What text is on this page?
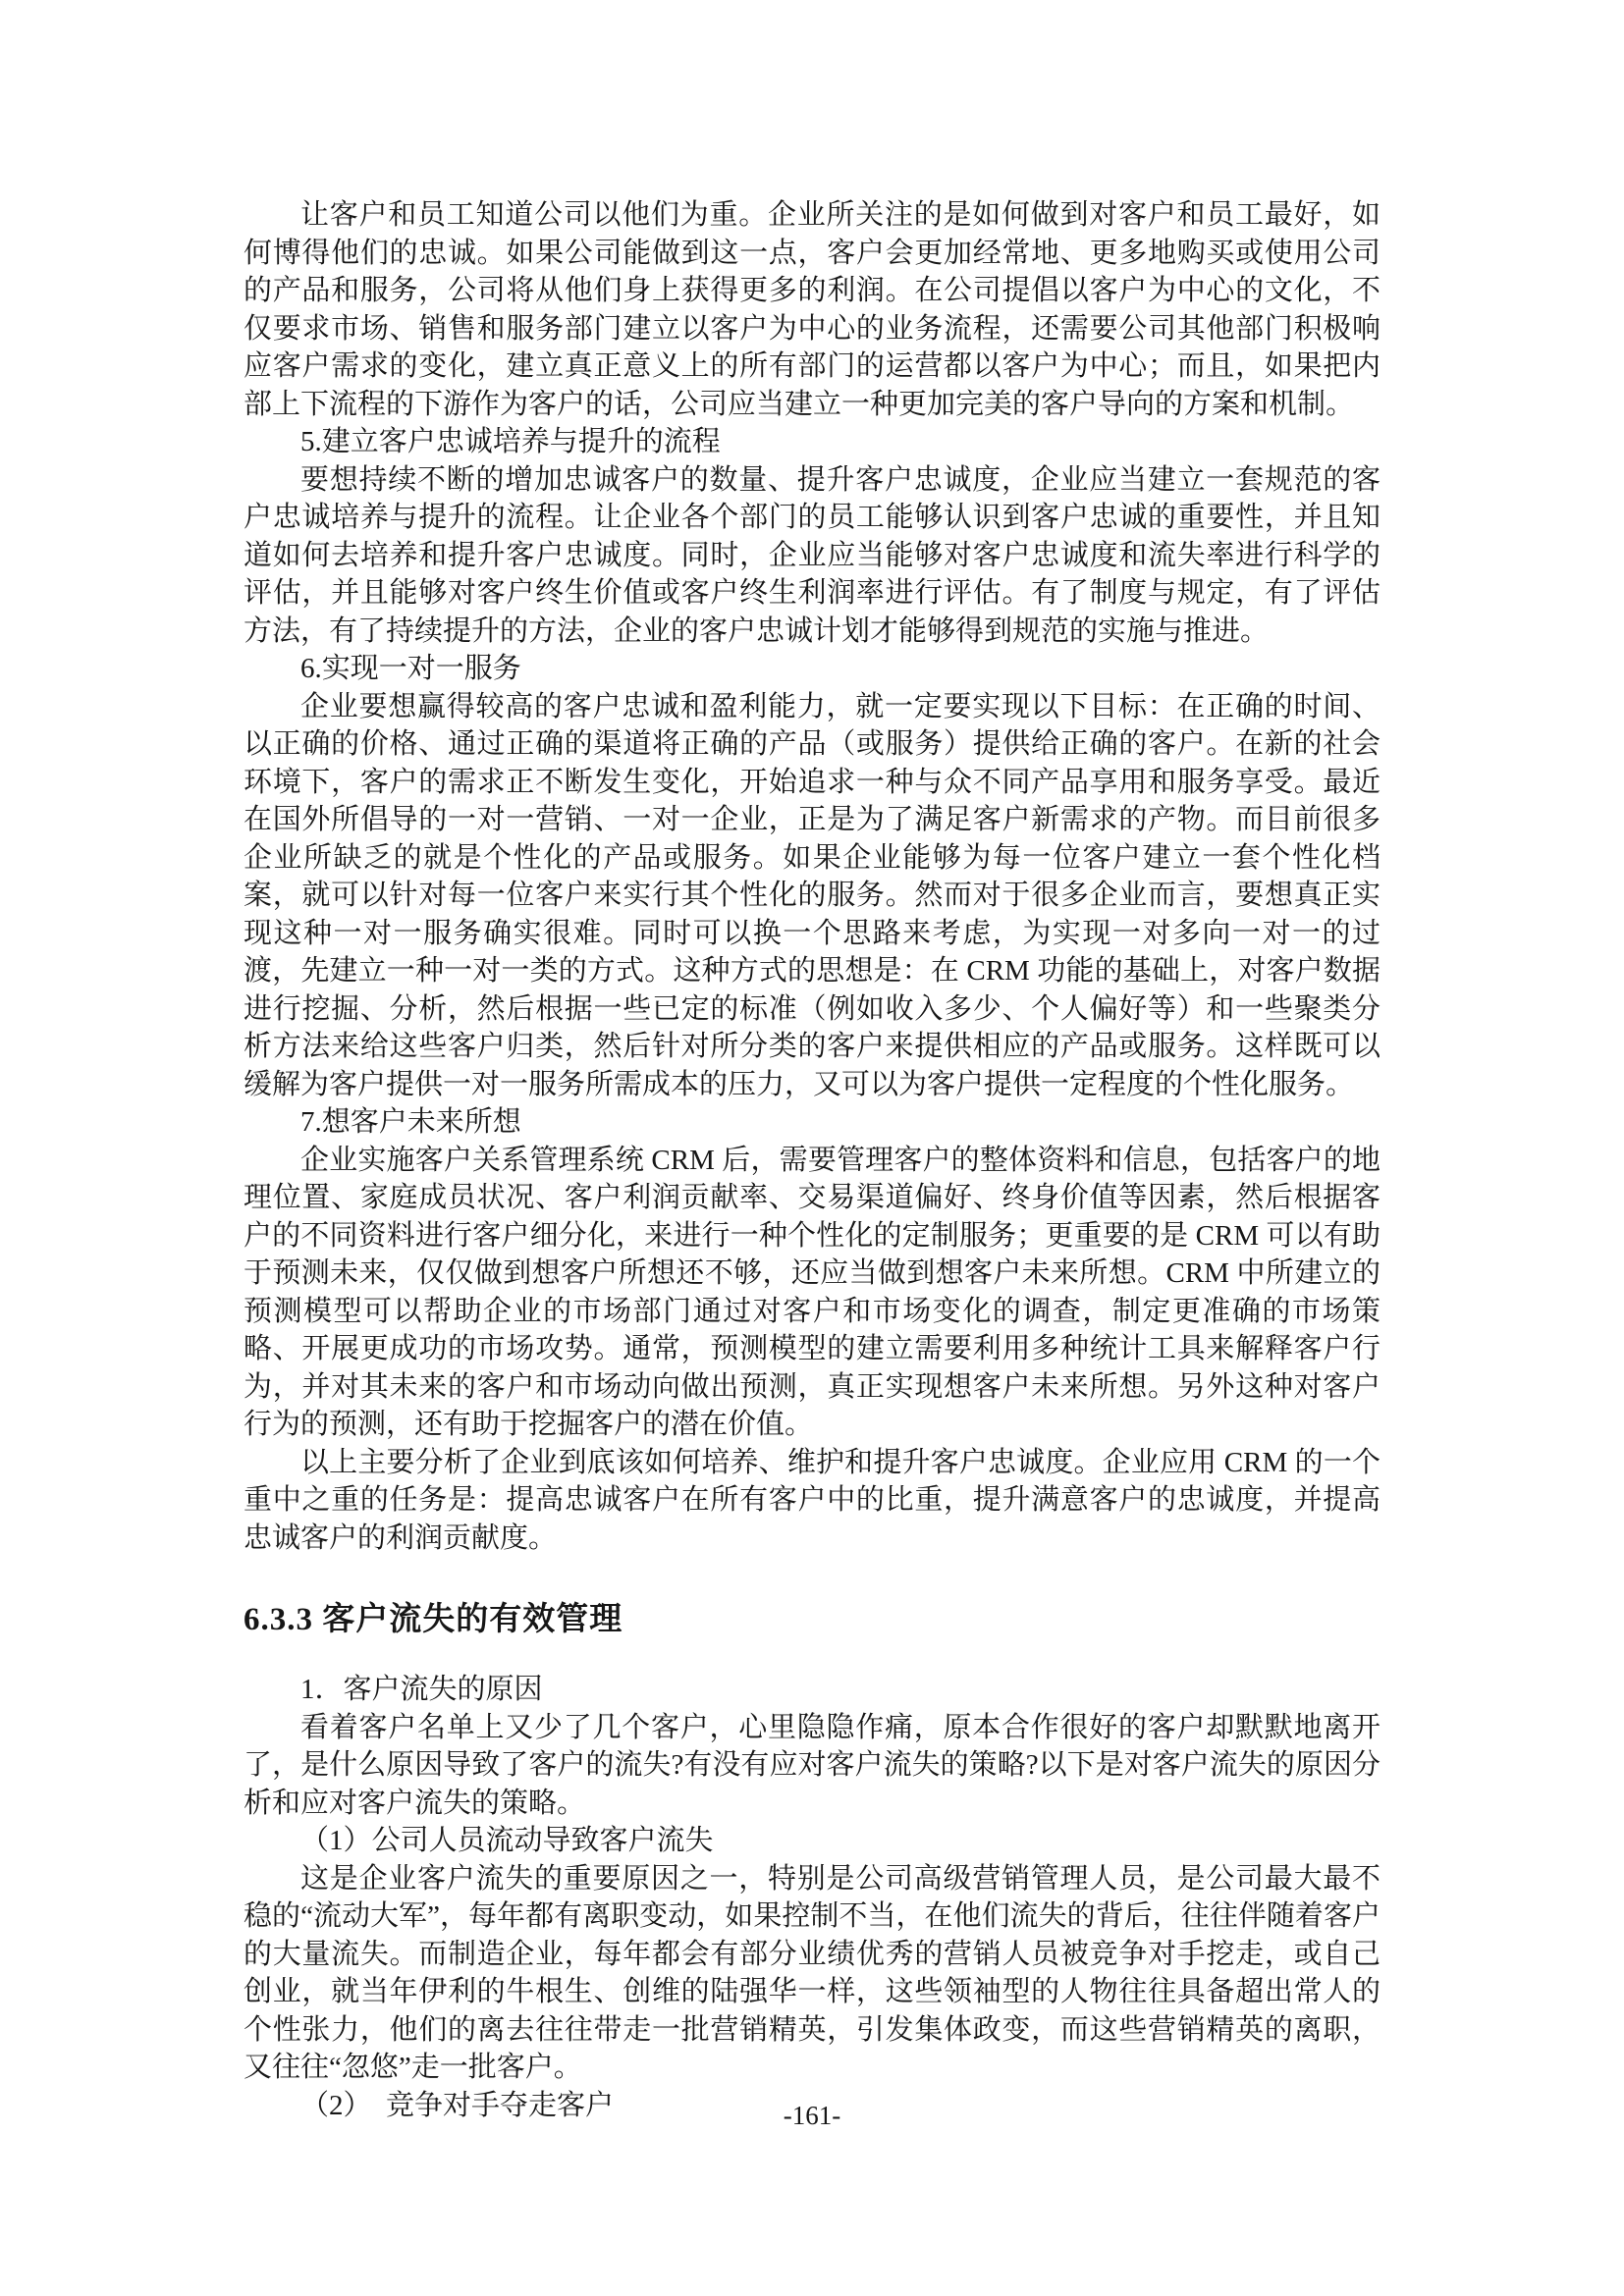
让客户和员工知道公司以他们为重。企业所关注的是如何做到对客户和员工最好，如何博得他们的忠诚。如果公司能做到这一点，客户会更加经常地、更多地购买或使用公司的产品和服务，公司将从他们身上获得更多的利润。在公司提倡以客户为中心的文化，不仅要求市场、销售和服务部门建立以客户为中心的业务流程，还需要公司其他部门积极响应客户需求的变化，建立真正意义上的所有部门的运营都以客户为中心；而且，如果把内部上下流程的下游作为客户的话，公司应当建立一种更加完美的客户导向的方案和机制。

5.建立客户忠诚培养与提升的流程

要想持续不断的增加忠诚客户的数量、提升客户忠诚度，企业应当建立一套规范的客户忠诚培养与提升的流程。让企业各个部门的员工能够认识到客户忠诚的重要性，并且知道如何去培养和提升客户忠诚度。同时，企业应当能够对客户忠诚度和流失率进行科学的评估，并且能够对客户终生价值或客户终生利润率进行评估。有了制度与规定，有了评估方法，有了持续提升的方法，企业的客户忠诚计划才能够得到规范的实施与推进。

6.实现一对一服务

企业要想赢得较高的客户忠诚和盈利能力，就一定要实现以下目标：在正确的时间、以正确的价格、通过正确的渠道将正确的产品（或服务）提供给正确的客户。在新的社会环境下，客户的需求正不断发生变化，开始追求一种与众不同产品享用和服务享受。最近在国外所倡导的一对一营销、一对一企业，正是为了满足客户新需求的产物。而目前很多企业所缺乏的就是个性化的产品或服务。如果企业能够为每一位客户建立一套个性化档案，就可以针对每一位客户来实行其个性化的服务。然而对于很多企业而言，要想真正实现这种一对一服务确实很难。同时可以换一个思路来考虑，为实现一对多向一对一的过渡，先建立一种一对一类的方式。这种方式的思想是：在 CRM 功能的基础上，对客户数据进行挖掘、分析，然后根据一些已定的标准（例如收入多少、个人偏好等）和一些聚类分析方法来给这些客户归类，然后针对所分类的客户来提供相应的产品或服务。这样既可以缓解为客户提供一对一服务所需成本的压力，又可以为客户提供一定程度的个性化服务。

7.想客户未来所想

企业实施客户关系管理系统 CRM 后，需要管理客户的整体资料和信息，包括客户的地理位置、家庭成员状况、客户利润贡献率、交易渠道偏好、终身价值等因素，然后根据客户的不同资料进行客户细分化，来进行一种个性化的定制服务；更重要的是 CRM 可以有助于预测未来，仅仅做到想客户所想还不够，还应当做到想客户未来所想。CRM 中所建立的预测模型可以帮助企业的市场部门通过对客户和市场变化的调查，制定更准确的市场策略、开展更成功的市场攻势。通常，预测模型的建立需要利用多种统计工具来解释客户行为，并对其未来的客户和市场动向做出预测，真正实现想客户未来所想。另外这种对客户行为的预测，还有助于挖掘客户的潜在价值。

以上主要分析了企业到底该如何培养、维护和提升客户忠诚度。企业应用 CRM 的一个重中之重的任务是：提高忠诚客户在所有客户中的比重，提升满意客户的忠诚度，并提高忠诚客户的利润贡献度。

6.3.3 客户流失的有效管理

1．客户流失的原因

看着客户名单上又少了几个客户，心里隐隐作痛，原本合作很好的客户却默默地离开了，是什么原因导致了客户的流失?有没有应对客户流失的策略?以下是对客户流失的原因分析和应对客户流失的策略。

（1）公司人员流动导致客户流失

这是企业客户流失的重要原因之一，特别是公司高级营销管理人员，是公司最大最不稳的“流动大军”，每年都有离职变动，如果控制不当，在他们流失的背后，往往伴随着客户的大量流失。而制造企业，每年都会有部分业绩优秀的营销人员被竞争对手挖走，或自己创业，就当年伊利的牛根生、创维的陆强华一样，这些领袖型的人物往往具备超出常人的个性张力，他们的离去往往带走一批营销精英，引发集体政变，而这些营销精英的离职，又往往“忽悠”走一批客户。

（2）　竞争对手夺走客户	-161-
